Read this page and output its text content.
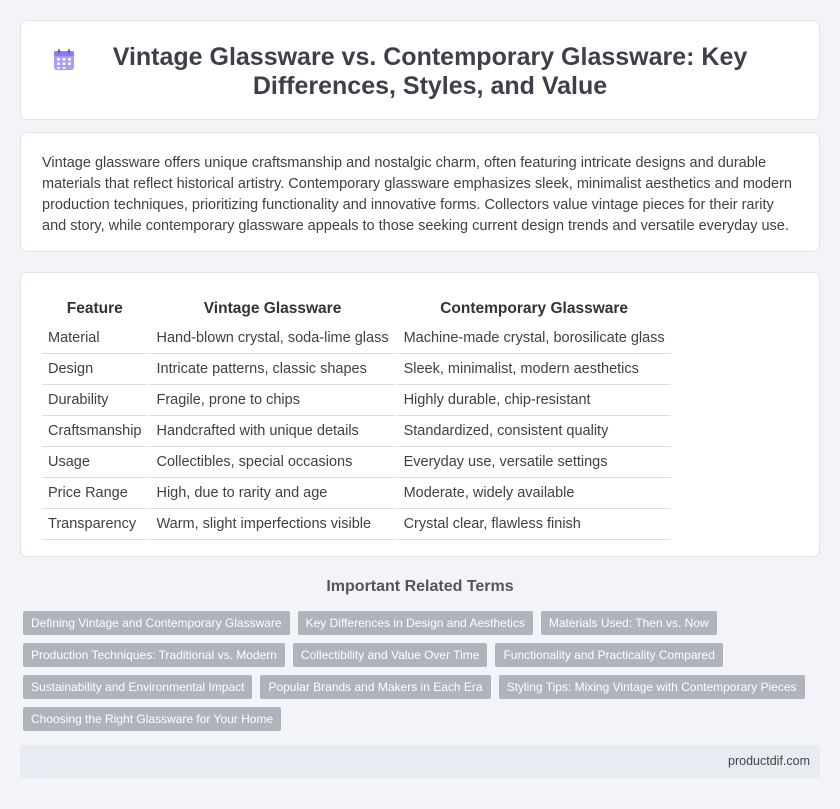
Vintage Glassware vs. Contemporary Glassware: Key Differences, Styles, and Value

Vintage glassware offers unique craftsmanship and nostalgic charm, often featuring intricate designs and durable materials that reflect historical artistry. Contemporary glassware emphasizes sleek, minimalist aesthetics and modern production techniques, prioritizing functionality and innovative forms. Collectors value vintage pieces for their rarity and story, while contemporary glassware appeals to those seeking current design trends and versatile everyday use.

Feature	Vintage Glassware	Contemporary Glassware
Material	Hand-blown crystal, soda-lime glass	Machine-made crystal, borosilicate glass
Design	Intricate patterns, classic shapes	Sleek, minimalist, modern aesthetics
Durability	Fragile, prone to chips	Highly durable, chip-resistant
Craftsmanship	Handcrafted with unique details	Standardized, consistent quality
Usage	Collectibles, special occasions	Everyday use, versatile settings
Price Range	High, due to rarity and age	Moderate, widely available
Transparency	Warm, slight imperfections visible	Crystal clear, flawless finish
Important Related Terms
Defining Vintage and Contemporary Glassware	Key Differences in Design and Aesthetics	Materials Used: Then vs. Now
Production Techniques: Traditional vs. Modern	Collectibility and Value Over Time	Functionality and Practicality Compared
Sustainability and Environmental Impact	Popular Brands and Makers in Each Era	Styling Tips: Mixing Vintage with Contemporary Pieces
Choosing the Right Glassware for Your Home
productdif.com
